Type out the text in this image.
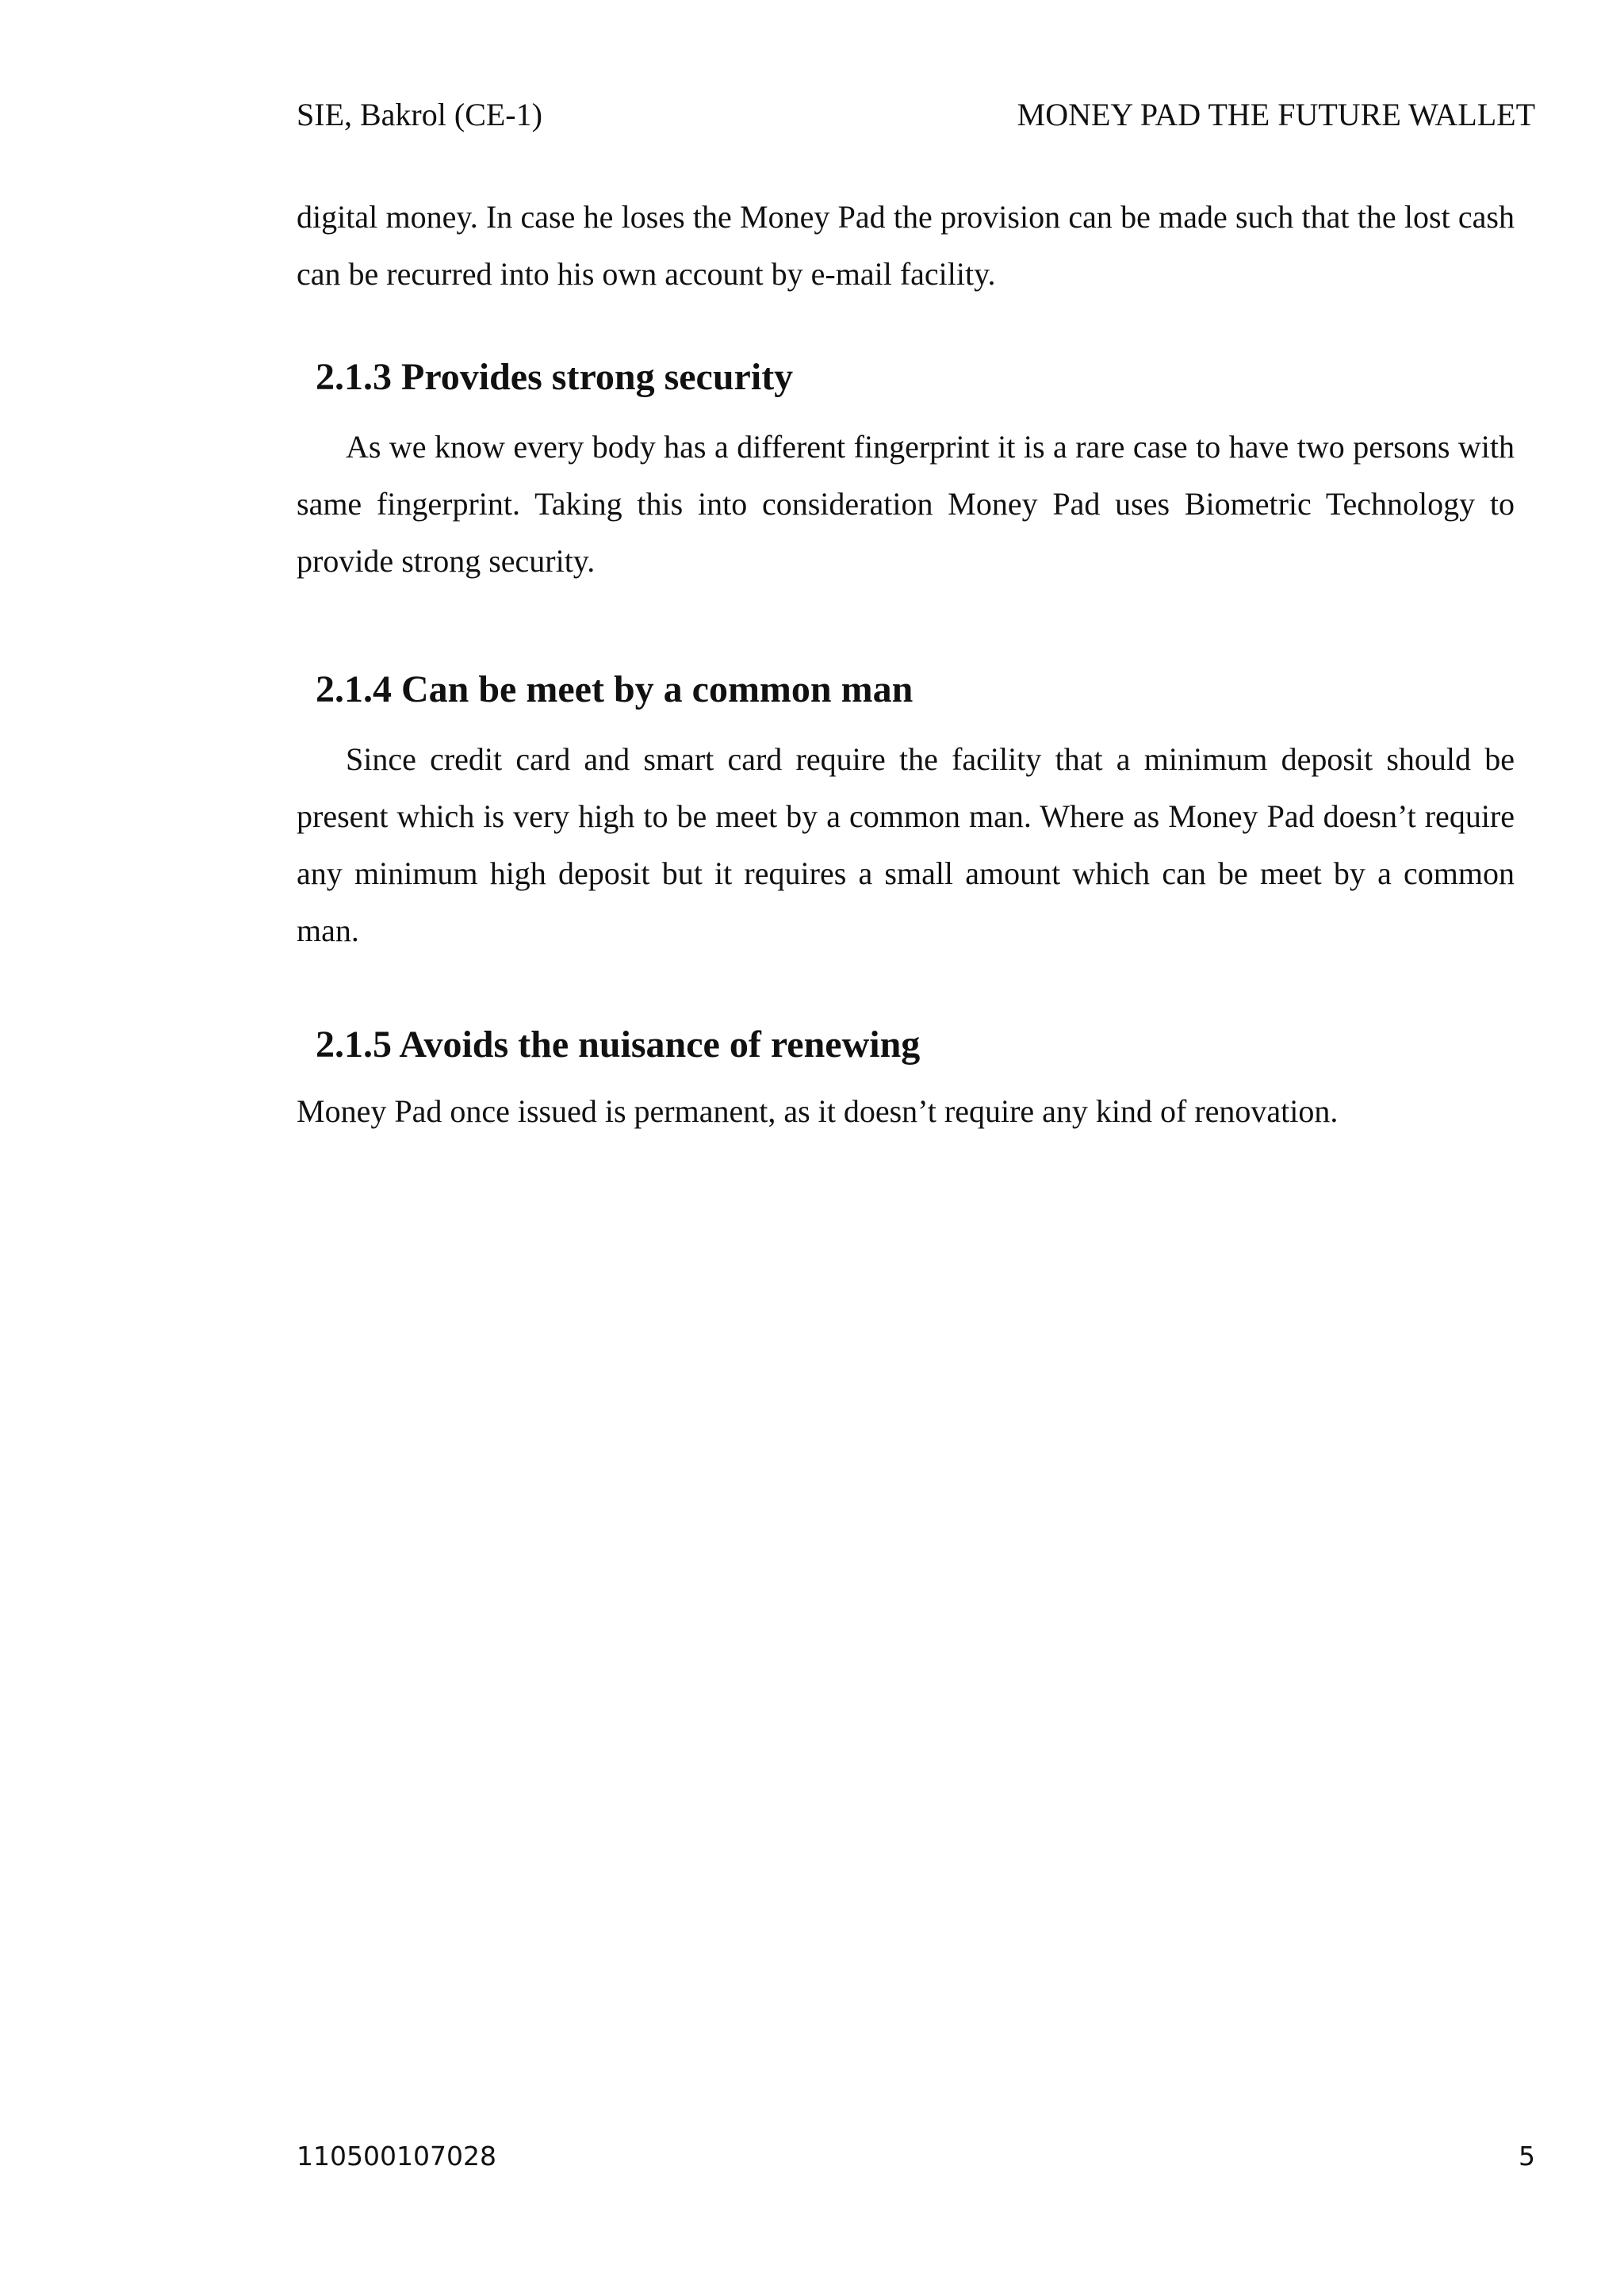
SIE, Bakrol (CE-1)	MONEY PAD THE FUTURE WALLET

digital money. In case he loses the Money Pad the provision can be made such that the lost cash can be recurred into his own account by e-mail facility.

2.1.3 Provides strong security

As we know every body has a different fingerprint it is a rare case to have two persons with same fingerprint. Taking this into consideration Money Pad uses Biometric Technology to provide strong security.

2.1.4 Can be meet by a common man

Since credit card and smart card require the facility that a minimum deposit should be present which is very high to be meet by a common man. Where as Money Pad doesn’t require any minimum high deposit but it requires a small amount which can be meet by a common man.

2.1.5 Avoids the nuisance of renewing

Money Pad once issued is permanent, as it doesn’t require any kind of renovation.

110500107028	5
